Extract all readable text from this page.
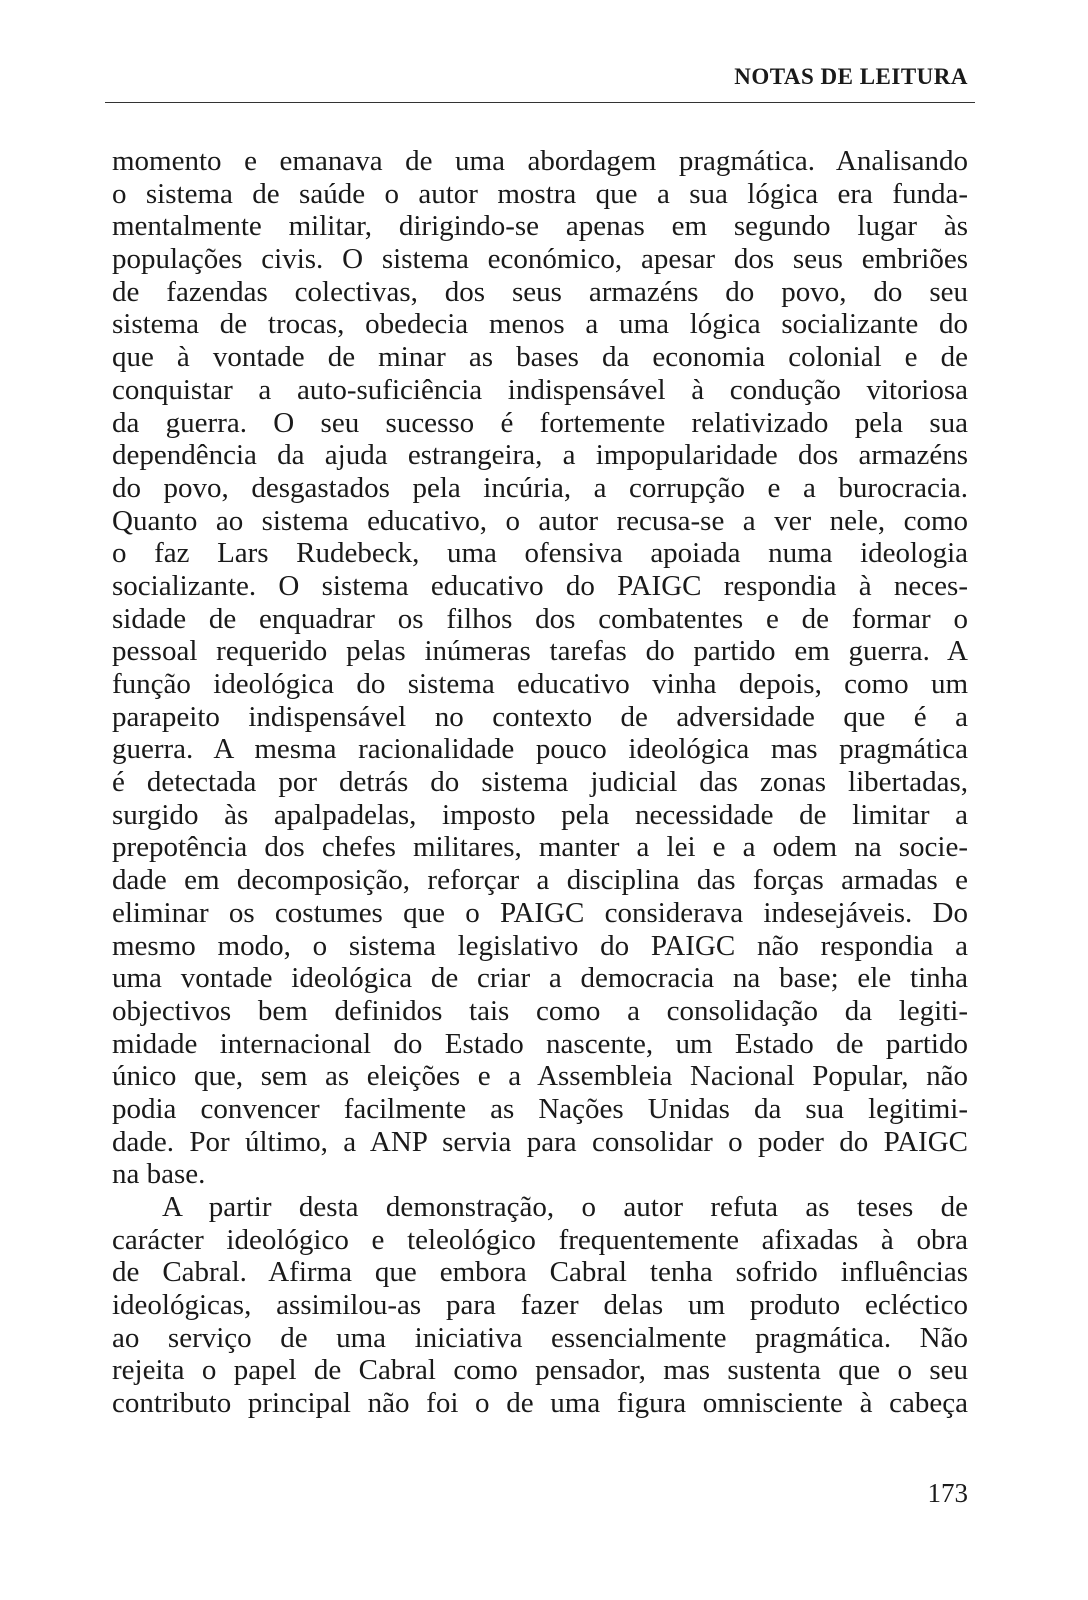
NOTAS DE LEITURA
momento e emanava de uma abordagem pragmática. Analisando
o sistema de saúde o autor mostra que a sua lógica era funda-
mentalmente militar, dirigindo-se apenas em segundo lugar às
populações civis. O sistema económico, apesar dos seus embriões
de fazendas colectivas, dos seus armazéns do povo, do seu
sistema de trocas, obedecia menos a uma lógica socializante do
que à vontade de minar as bases da economia colonial e de
conquistar a auto-suficiência indispensável à condução vitoriosa
da guerra. O seu sucesso é fortemente relativizado pela sua
dependência da ajuda estrangeira, a impopularidade dos armazéns
do povo, desgastados pela incúria, a corrupção e a burocracia.
Quanto ao sistema educativo, o autor recusa-se a ver nele, como
o faz Lars Rudebeck, uma ofensiva apoiada numa ideologia
socializante. O sistema educativo do PAIGC respondia à neces-
sidade de enquadrar os filhos dos combatentes e de formar o
pessoal requerido pelas inúmeras tarefas do partido em guerra. A
função ideológica do sistema educativo vinha depois, como um
parapeito indispensável no contexto de adversidade que é a
guerra. A mesma racionalidade pouco ideológica mas pragmática
é detectada por detrás do sistema judicial das zonas libertadas,
surgido às apalpadelas, imposto pela necessidade de limitar a
prepotência dos chefes militares, manter a lei e a odem na socie-
dade em decomposição, reforçar a disciplina das forças armadas e
eliminar os costumes que o PAIGC considerava indesejáveis. Do
mesmo modo, o sistema legislativo do PAIGC não respondia a
uma vontade ideológica de criar a democracia na base; ele tinha
objectivos bem definidos tais como a consolidação da legiti-
midade internacional do Estado nascente, um Estado de partido
único que, sem as eleições e a Assembleia Nacional Popular, não
podia convencer facilmente as Nações Unidas da sua legitimi-
dade. Por último, a ANP servia para consolidar o poder do PAIGC
na base.
A partir desta demonstração, o autor refuta as teses de
carácter ideológico e teleológico frequentemente afixadas à obra
de Cabral. Afirma que embora Cabral tenha sofrido influências
ideológicas, assimilou-as para fazer delas um produto ecléctico
ao serviço de uma iniciativa essencialmente pragmática. Não
rejeita o papel de Cabral como pensador, mas sustenta que o seu
contributo principal não foi o de uma figura omnisciente à cabeça
173
